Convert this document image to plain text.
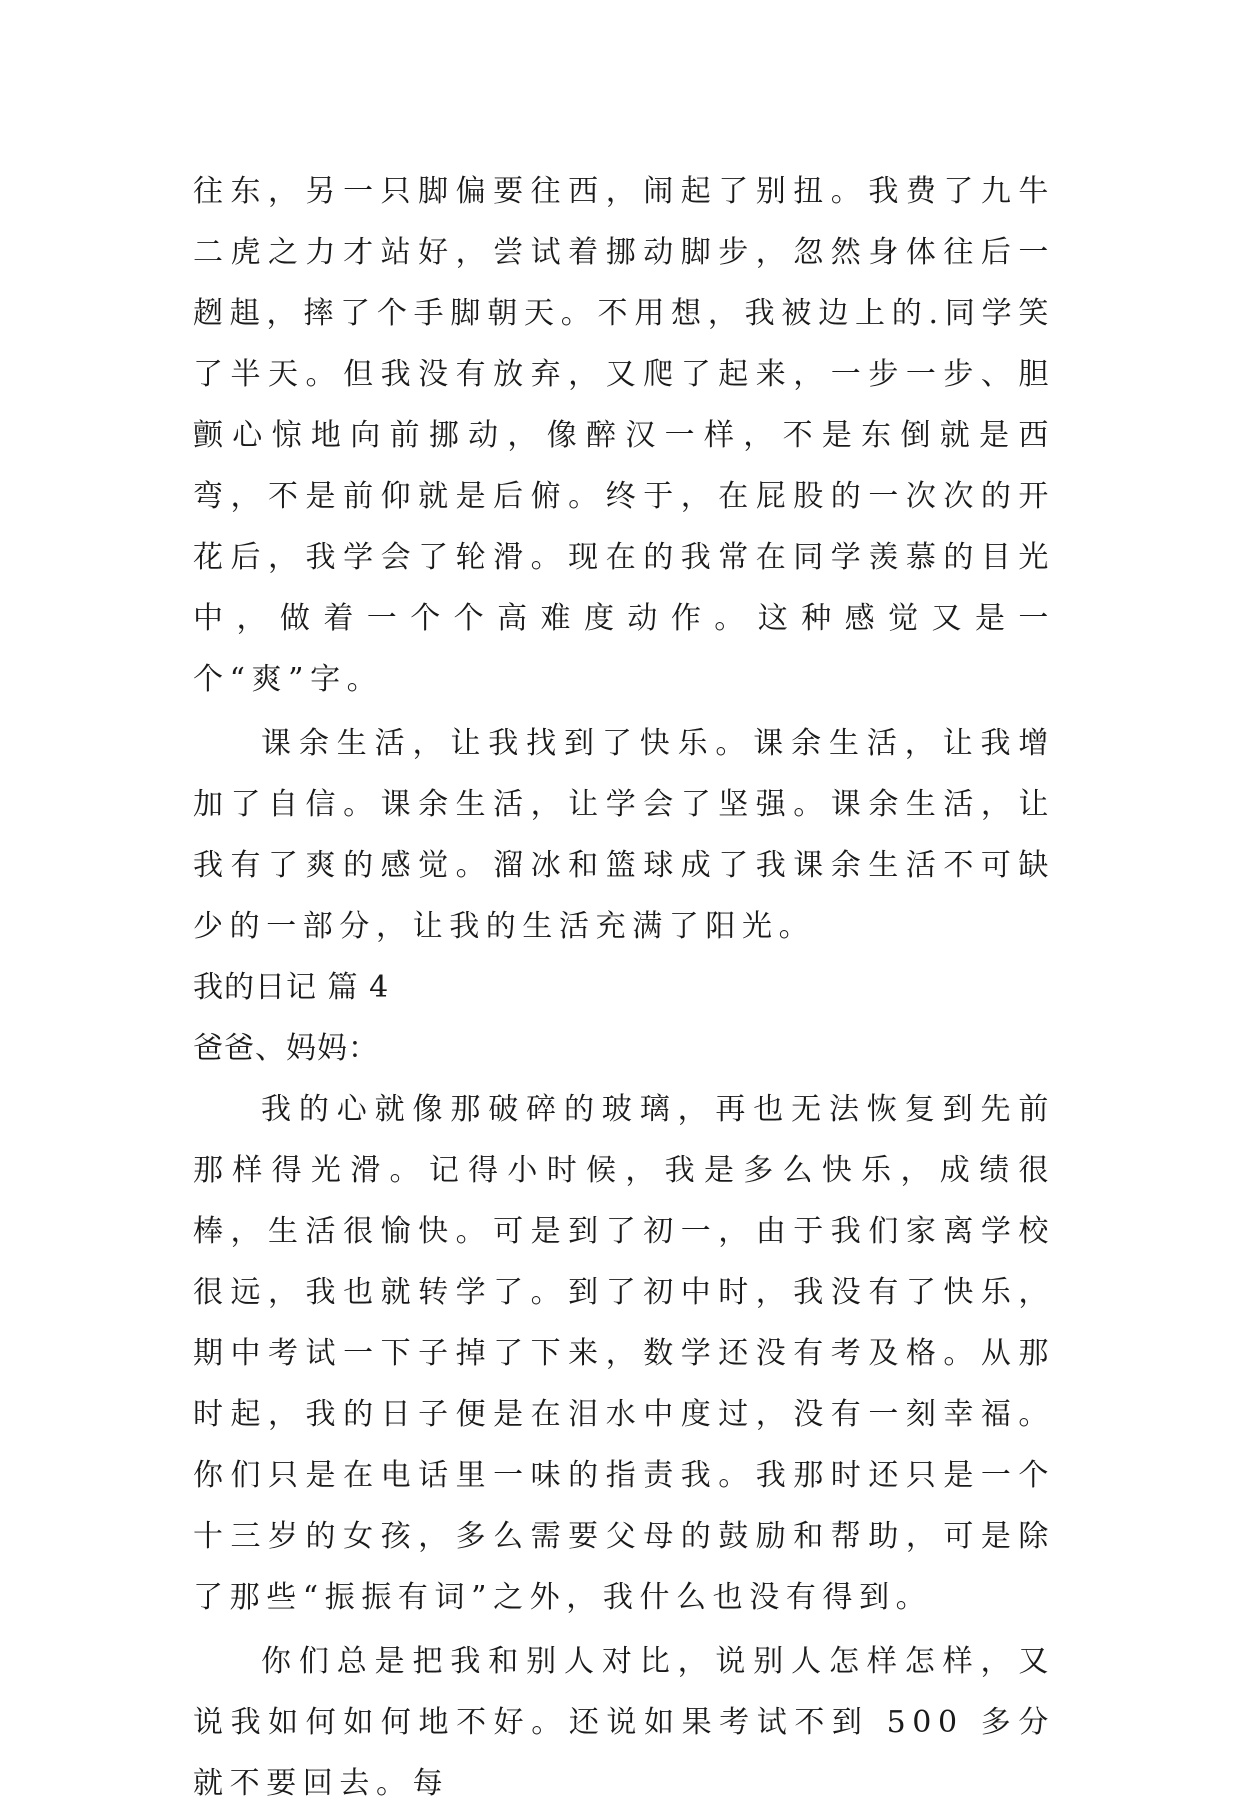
往东，另一只脚偏要往西，闹起了别扭。我费了九牛二虎之力才站好，尝试着挪动脚步，忽然身体往后一趔趄，摔了个手脚朝天。不用想，我被边上的.同学笑了半天。但我没有放弃，又爬了起来，一步一步、胆颤心惊地向前挪动，像醉汉一样，不是东倒就是西弯，不是前仰就是后俯。终于，在屁股的一次次的开花后，我学会了轮滑。现在的我常在同学羡慕的目光中，做着一个个高难度动作。这种感觉又是一个“爽”字。

课余生活，让我找到了快乐。课余生活，让我增加了自信。课余生活，让学会了坚强。课余生活，让我有了爽的感觉。溜冰和篮球成了我课余生活不可缺少的一部分，让我的生活充满了阳光。

我的日记 篇 4

爸爸、妈妈：

我的心就像那破碎的玻璃，再也无法恢复到先前那样得光滑。记得小时候，我是多么快乐，成绩很棒，生活很愉快。可是到了初一，由于我们家离学校很远，我也就转学了。到了初中时，我没有了快乐，期中考试一下子掉了下来，数学还没有考及格。从那时起，我的日子便是在泪水中度过，没有一刻幸福。你们只是在电话里一味的指责我。我那时还只是一个十三岁的女孩，多么需要父母的鼓励和帮助，可是除了那些“振振有词”之外，我什么也没有得到。

你们总是把我和别人对比，说别人怎样怎样，又说我如何如何地不好。还说如果考试不到 500 多分就不要回去。每
